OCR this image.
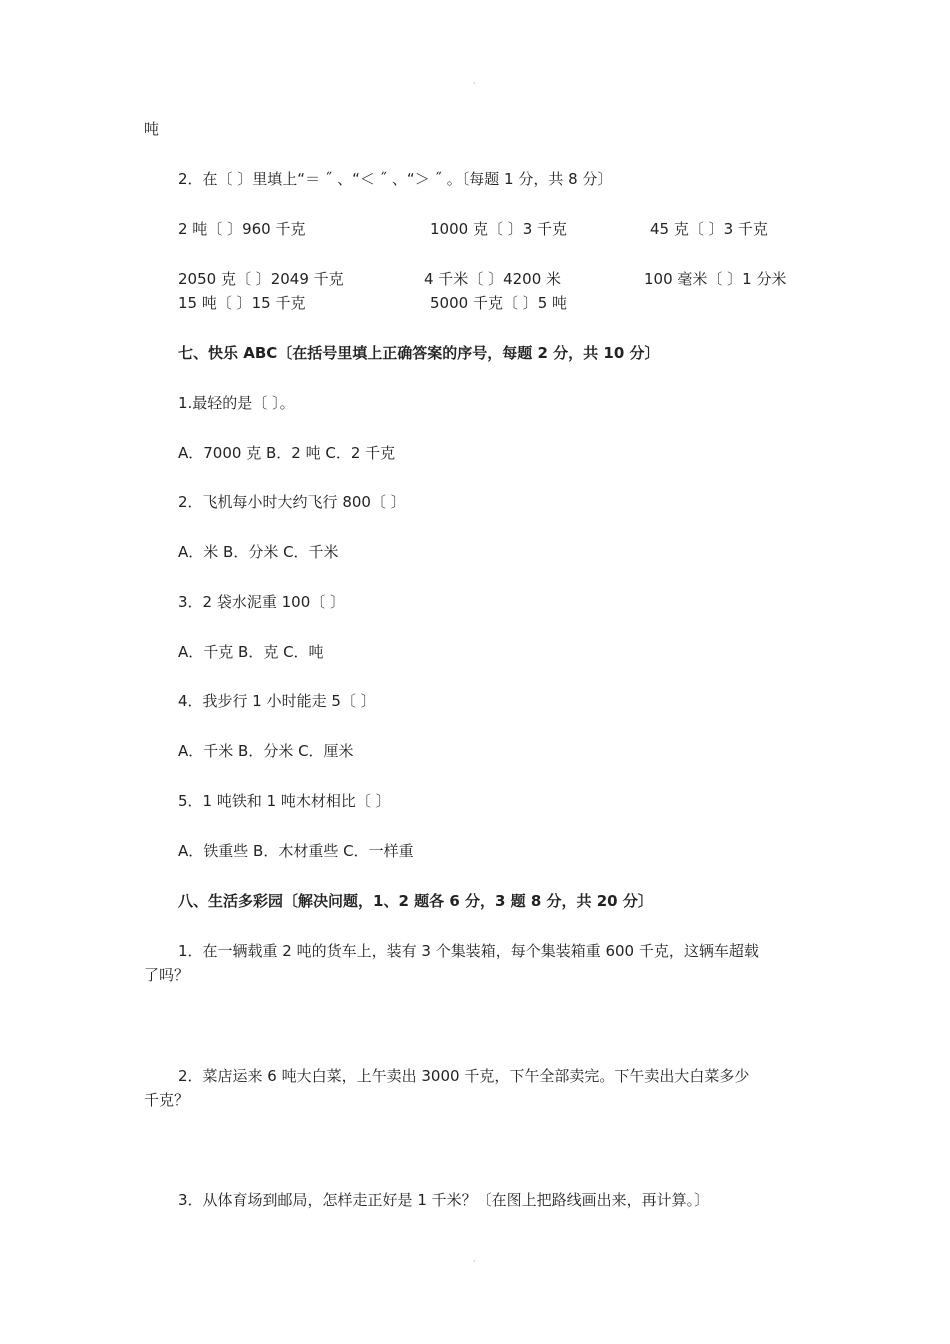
·
吨
2．在〔 〕里填上“＝ ˝ 、“＜ ˝ 、“＞ ˝ 。〔每题 1 分，共 8 分〕
2 吨〔 〕960 千克	1000 克〔 〕3 千克	45 克〔 〕3 千克
2050 克〔 〕2049 千克	4 千米〔 〕4200 米	100 毫米〔 〕1 分米
15 吨〔 〕15 千克	5000 千克〔 〕5 吨
七、快乐 ABC〔在括号里填上正确答案的序号，每题 2 分，共 10 分〕
1.最轻的是〔 〕。
A．7000 克 B．2 吨 C．2 千克
2．飞机每小时大约飞行 800〔 〕
A．米 B．分米 C．千米
3．2 袋水泥重 100〔 〕
A．千克 B．克 C．吨
4．我步行 1 小时能走 5〔 〕
A．千米 B．分米 C．厘米
5．1 吨铁和 1 吨木材相比〔 〕
A．铁重些 B．木材重些 C．一样重
八、生活多彩园〔解决问题，1、2 题各 6 分，3 题 8 分，共 20 分〕
1．在一辆载重 2 吨的货车上，装有 3 个集装箱，每个集装箱重 600 千克，这辆车超载
了吗？
2．菜店运来 6 吨大白菜，上午卖出 3000 千克，下午全部卖完。下午卖出大白菜多少
千克？
3．从体育场到邮局，怎样走正好是 1 千米？〔在图上把路线画出来，再计算。〕
·
